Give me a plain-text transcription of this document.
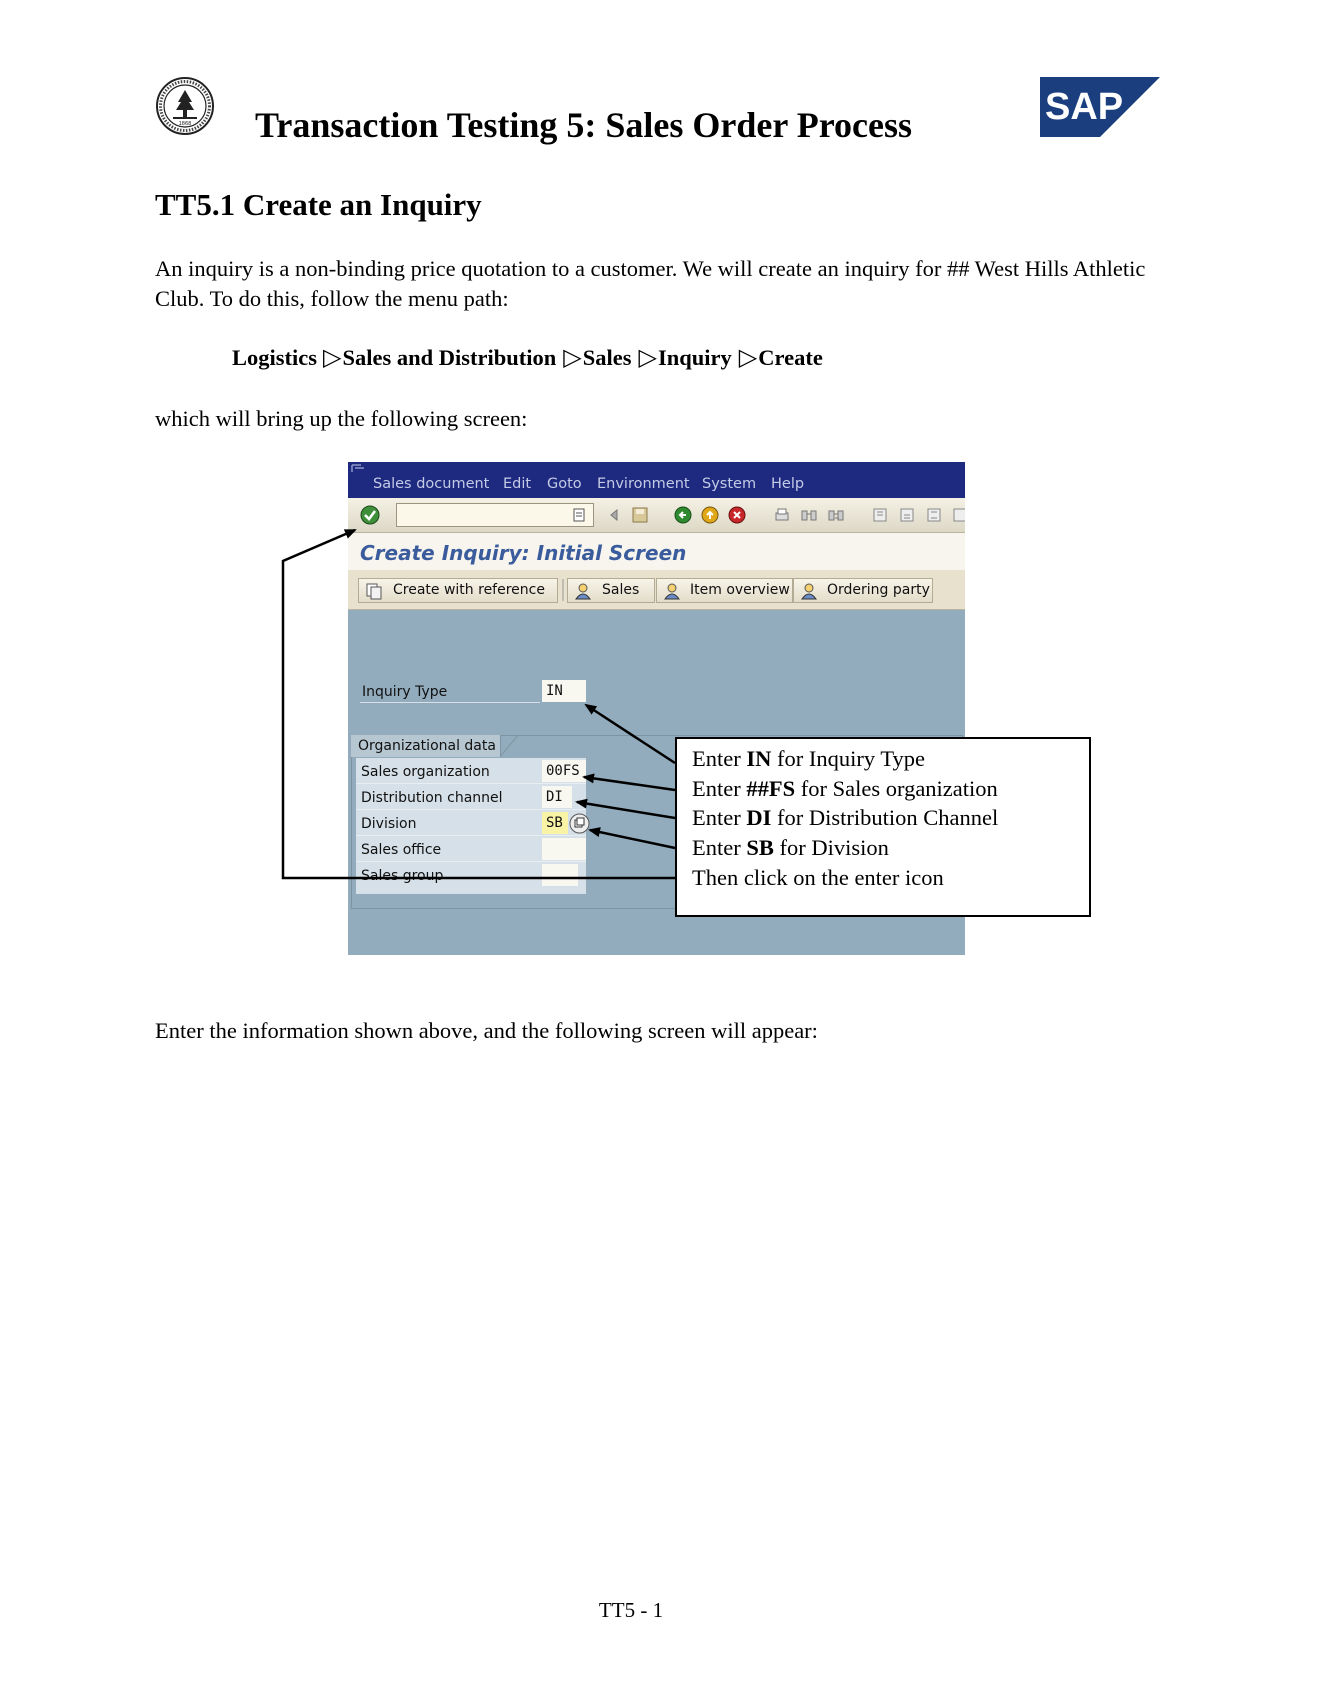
1868 Transaction Testing 5: Sales Order Process	SAP
TT5.1 Create an Inquiry
An inquiry is a non-binding price quotation to a customer. We will create an inquiry for ## West Hills Athletic Club. To do this, follow the menu path:
Logistics ▷Sales and Distribution ▷Sales ▷Inquiry ▷Create
which will bring up the following screen:
Sales document Edit Goto Environment System Help
Create Inquiry: Initial Screen
Create with reference	Sales	Item overview	Ordering party
Inquiry Type	IN
Organizational data
Sales organization	00FS
Distribution channel	DI
Division	SB
Sales office
Sales group
Enter IN for Inquiry Type
Enter ##FS for Sales organization
Enter DI for Distribution Channel
Enter SB for Division
Then click on the enter icon
Enter the information shown above, and the following screen will appear:
TT5 - 1
